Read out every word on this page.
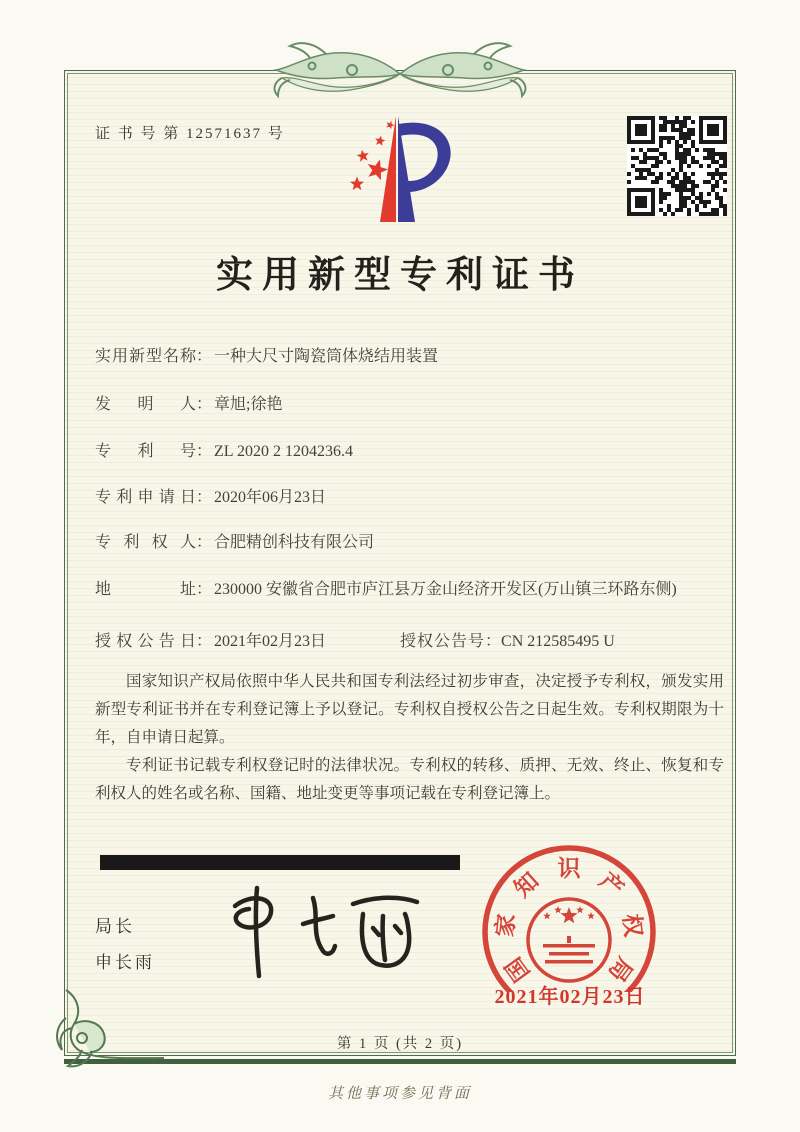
证 书 号 第 12571637 号
实用新型专利证书
实用新型名称 ： 一种大尺寸陶瓷筒体烧结用装置
发明人 ： 章旭;徐艳
专利号 ： ZL 2020 2 1204236.4
专利申请日 ： 2020年06月23日
专利权人 ： 合肥精创科技有限公司
地址 ： 230000 安徽省合肥市庐江县万金山经济开发区(万山镇三环路东侧)
授权公告日 ： 2021年02月23日	授权公告号：CN 212585495 U

国家知识产权局依照中华人民共和国专利法经过初步审查，决定授予专利权，颁发实用新型专利证书并在专利登记簿上予以登记。专利权自授权公告之日起生效。专利权期限为十年，自申请日起算。

专利证书记载专利权登记时的法律状况。专利权的转移、质押、无效、终止、恢复和专利权人的姓名或名称、国籍、地址变更等事项记载在专利登记簿上。

局长
申长雨	国
家
知 识 产
权
局
2021年02月23日
第 1 页 (共 2 页)
其他事项参见背面
